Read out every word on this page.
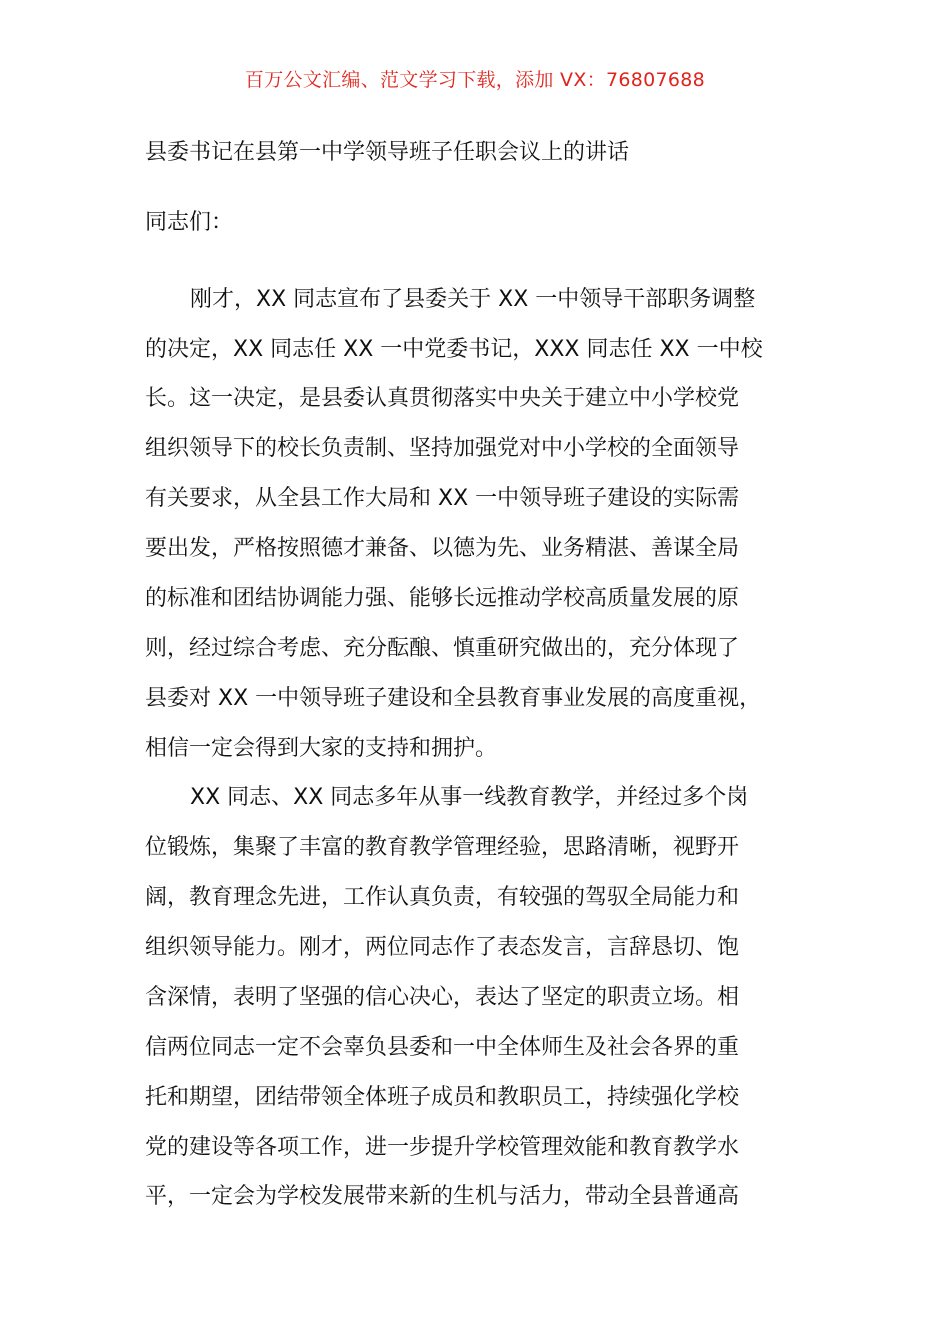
百万公文汇编、范文学习下载，添加 VX：76807688
县委书记在县第一中学领导班子任职会议上的讲话
同志们：
刚才，XX 同志宣布了县委关于 XX 一中领导干部职务调整
的决定，XX 同志任 XX 一中党委书记，XXX 同志任 XX 一中校
长。这一决定，是县委认真贯彻落实中央关于建立中小学校党
组织领导下的校长负责制、坚持加强党对中小学校的全面领导
有关要求，从全县工作大局和 XX 一中领导班子建设的实际需
要出发，严格按照德才兼备、以德为先、业务精湛、善谋全局
的标准和团结协调能力强、能够长远推动学校高质量发展的原
则，经过综合考虑、充分酝酿、慎重研究做出的，充分体现了
县委对 XX 一中领导班子建设和全县教育事业发展的高度重视，
相信一定会得到大家的支持和拥护。
XX 同志、XX 同志多年从事一线教育教学，并经过多个岗
位锻炼，集聚了丰富的教育教学管理经验，思路清晰，视野开
阔，教育理念先进，工作认真负责，有较强的驾驭全局能力和
组织领导能力。刚才，两位同志作了表态发言，言辞恳切、饱
含深情，表明了坚强的信心决心，表达了坚定的职责立场。相
信两位同志一定不会辜负县委和一中全体师生及社会各界的重
托和期望，团结带领全体班子成员和教职员工，持续强化学校
党的建设等各项工作，进一步提升学校管理效能和教育教学水
平，一定会为学校发展带来新的生机与活力，带动全县普通高
